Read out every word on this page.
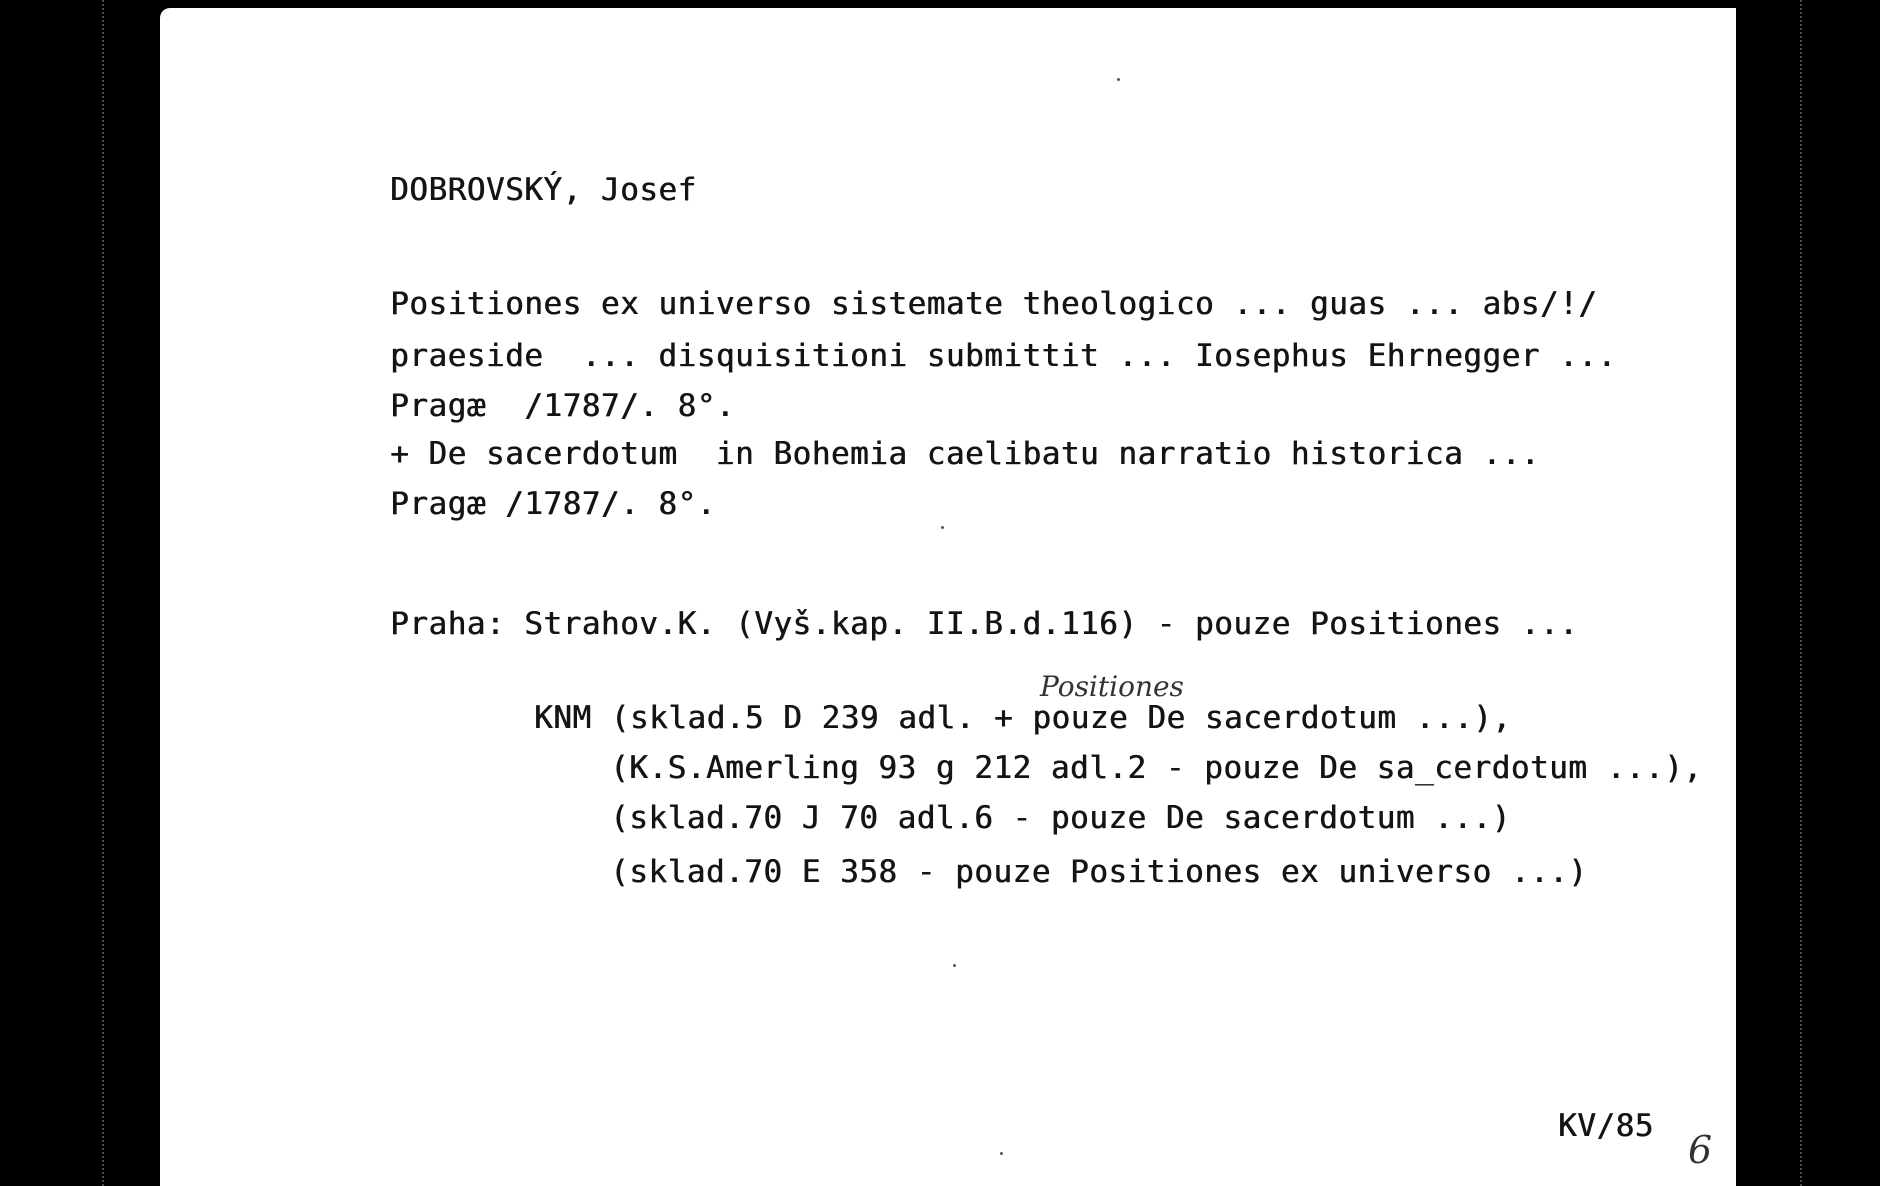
DOBROVSKÝ, Josef
Positiones ex universo sistemate theologico ... guas ... abs/!/
praeside  ... disquisitioni submittit ... Iosephus Ehrnegger ...
Pragæ  /1787/. 8°.
+ De sacerdotum  in Bohemia caelibatu narratio historica ...
Pragæ /1787/. 8°.
Praha: Strahov.K. (Vyš.kap. II.B.d.116) - pouze Positiones ...
Positiones
KNM (sklad.5 D 239 adl. + pouze De sacerdotum ...),
(K.S.Amerling 93 g 212 adl.2 - pouze De sa_cerdotum ...),
(sklad.70 J 70 adl.6 - pouze De sacerdotum ...)
(sklad.70 E 358 - pouze Positiones ex universo ...)
KV/85
6
